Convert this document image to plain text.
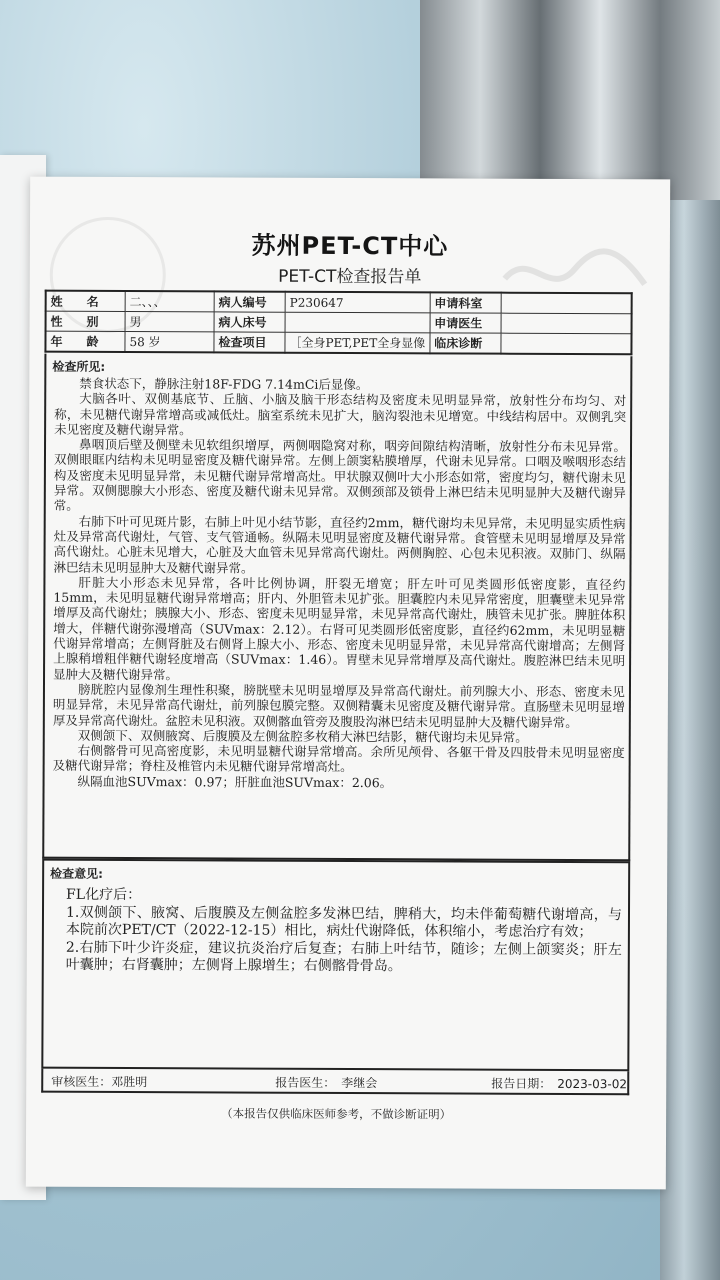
苏州PET-CT中心
PET-CT检查报告单
姓　名	二、、、	病人编号	P230647	申请科室	
性　别	男	病人床号		申请医生	
年　龄	58 岁	检查项目	［全身PET,PET全身显像	临床诊断	
检查所见:

禁食状态下，静脉注射18F-FDG 7.14mCi后显像。

大脑各叶、双侧基底节、丘脑、小脑及脑干形态结构及密度未见明显异常，放射性分布均匀、对称，未见糖代谢异常增高或减低灶。脑室系统未见扩大，脑沟裂池未见增宽。中线结构居中。双侧乳突未见密度及糖代谢异常。

鼻咽顶后壁及侧壁未见软组织增厚，两侧咽隐窝对称，咽旁间隙结构清晰，放射性分布未见异常。双侧眼眶内结构未见明显密度及糖代谢异常。左侧上颌窦粘膜增厚，代谢未见异常。口咽及喉咽形态结构及密度未见明显异常，未见糖代谢异常增高灶。甲状腺双侧叶大小形态如常，密度均匀，糖代谢未见异常。双侧腮腺大小形态、密度及糖代谢未见异常。双侧颈部及锁骨上淋巴结未见明显肿大及糖代谢异常。

右肺下叶可见斑片影，右肺上叶见小结节影，直径约2mm，糖代谢均未见异常，未见明显实质性病灶及异常高代谢灶，气管、支气管通畅。纵隔未见明显密度及糖代谢异常。食管壁未见明显增厚及异常高代谢灶。心脏未见增大，心脏及大血管未见异常高代谢灶。两侧胸腔、心包未见积液。双肺门、纵隔淋巴结未见明显肿大及糖代谢异常。

肝脏大小形态未见异常，各叶比例协调，肝裂无增宽；肝左叶可见类圆形低密度影，直径约15mm，未见明显糖代谢异常增高；肝内、外胆管未见扩张。胆囊腔内未见异常密度，胆囊壁未见异常增厚及高代谢灶；胰腺大小、形态、密度未见明显异常，未见异常高代谢灶，胰管未见扩张。脾脏体积增大，伴糖代谢弥漫增高（SUVmax：2.12）。右肾可见类圆形低密度影，直径约62mm，未见明显糖代谢异常增高；左侧肾脏及右侧肾上腺大小、形态、密度未见明显异常，未见异常高代谢增高；左侧肾上腺稍增粗伴糖代谢轻度增高（SUVmax：1.46）。胃壁未见异常增厚及高代谢灶。腹腔淋巴结未见明显肿大及糖代谢异常。

膀胱腔内显像剂生理性积聚，膀胱壁未见明显增厚及异常高代谢灶。前列腺大小、形态、密度未见明显异常，未见异常高代谢灶，前列腺包膜完整。双侧精囊未见密度及糖代谢异常。直肠壁未见明显增厚及异常高代谢灶。盆腔未见积液。双侧髂血管旁及腹股沟淋巴结未见明显肿大及糖代谢异常。

双侧颌下、双侧腋窝、后腹膜及左侧盆腔多枚稍大淋巴结影，糖代谢均未见异常。

右侧髂骨可见高密度影，未见明显糖代谢异常增高。余所见颅骨、各躯干骨及四肢骨未见明显密度及糖代谢异常；脊柱及椎管内未见糖代谢异常增高灶。

纵隔血池SUVmax：0.97；肝脏血池SUVmax：2.06。

检查意见:

FL化疗后：

1.双侧颌下、腋窝、后腹膜及左侧盆腔多发淋巴结，脾稍大，均未伴葡萄糖代谢增高，与本院前次PET/CT（2022-12-15）相比，病灶代谢降低，体积缩小，考虑治疗有效；

2.右肺下叶少许炎症，建议抗炎治疗后复查；右肺上叶结节，随诊；左侧上颌窦炎；肝左叶囊肿；右肾囊肿；左侧肾上腺增生；右侧髂骨骨岛。

审核医生：邓胜明	报告医生：　李继会	报告日期：　2023-03-02
（本报告仅供临床医师参考，不做诊断证明）
